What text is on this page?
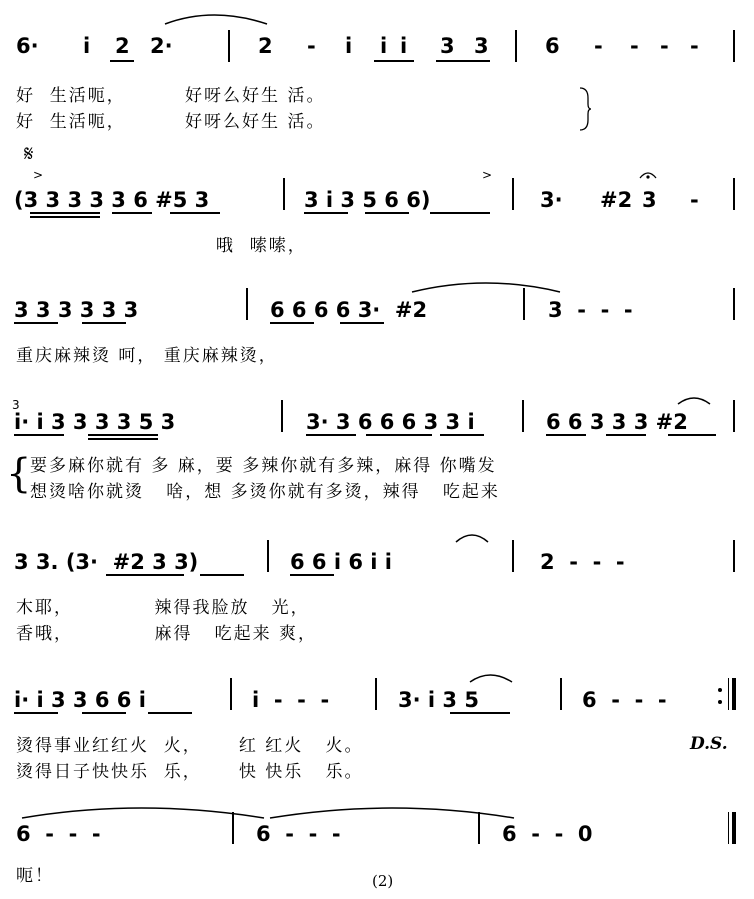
6· i 2 2·	2 - i i i 3 3	6 - - - -
好  生活呃，        好呀么好生 活。
好  生活呃，        好呀么好生 活。
𝄋
>
(3 3 3 3 3 6 #5 3	3 i 3 5 6 6)
>
3· #2 3 -
哦  嗦嗦，
3 3 3 3 3 3	6 6 6 6 3·  #2	3  -  -  -
重庆麻辣烫 呵， 重庆麻辣烫，
i· i 3 3 3 3 5 3
3
3· 3 6 6 6 3 3 i	6 6 3 3 3 #2
{
要多麻你就有 多 麻，要 多辣你就有多辣，麻得 你嘴发
想烫啥你就烫   啥，想 多烫你就有多烫，辣得   吃起来
3 3. (3·  #2 3 3)	6 6 i 6 i i	2  -  -  -
木耶，           辣得我脸放   光，
香哦，           麻得   吃起来 爽，
i· i 3 3 6 6 i	i  -  -  -	3· i 3 5	6  -  -  -
烫得事业红红火  火，     红 红火   火。
烫得日子快快乐  乐，     快 快乐   乐。
D.S.
6  -  -  -	6  -  -  -	6  -  -  0
呃！	(2)
